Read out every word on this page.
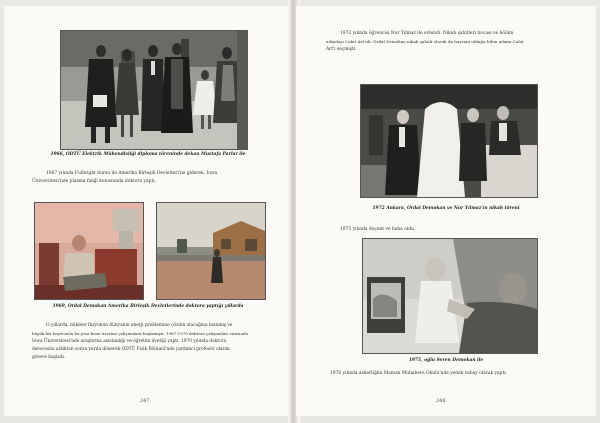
1966, ODTÜ Elektrik Mühendisliği diploma töreninde dekan Mustafa Parlar ile
1967 yılında Fulbright bursu ile Amerika Birleşik Devletleri'ne giderek, Iowa
Üniversitesi'nde plazma fiziği konusunda doktora yaptı.
1969, Ordal Demokan Amerika Birleşik Devletlerinde doktora yaptığı yıllarda
O yıllarda, nükleer füzyonun dünyanın enerji problemine çözüm olacağına inanmış ve
büyük bir heyecanla bu yeni konu üzerine çalışmalara başlamıştı. 1967-1970 doktora çalışmaları sırasında
Iowa Üniversitesi'nde araştırma asistanlığı ve öğretim üyeliği yaptı. 1970 yılında doktora
derecesini aldıktan sonra yurda dönerek ODTÜ Fizik Bölümü'nde yardımcı profesör olarak
göreve başladı.
247
1972 yılında öğrencisi Nur Yılmaz ile evlendi. Nikah şahitleri hocası ve bölüm
arkadaşı Cahit Arf idi. Ordal Demokan nikah şahidi olarak da hayranı olduğu bilim adamı Cahit
Arf'ı seçmişti.
1972 Ankara, Ordal Demokan ve Nur Yılmaz'ın nikah töreni
1975 yılında doçent ve baba oldu.
1975, oğlu Seren Demokan ile
1976 yılında askerliğini Mamak Muhabere Okulu'nda yedek subay olarak yaptı.
248
